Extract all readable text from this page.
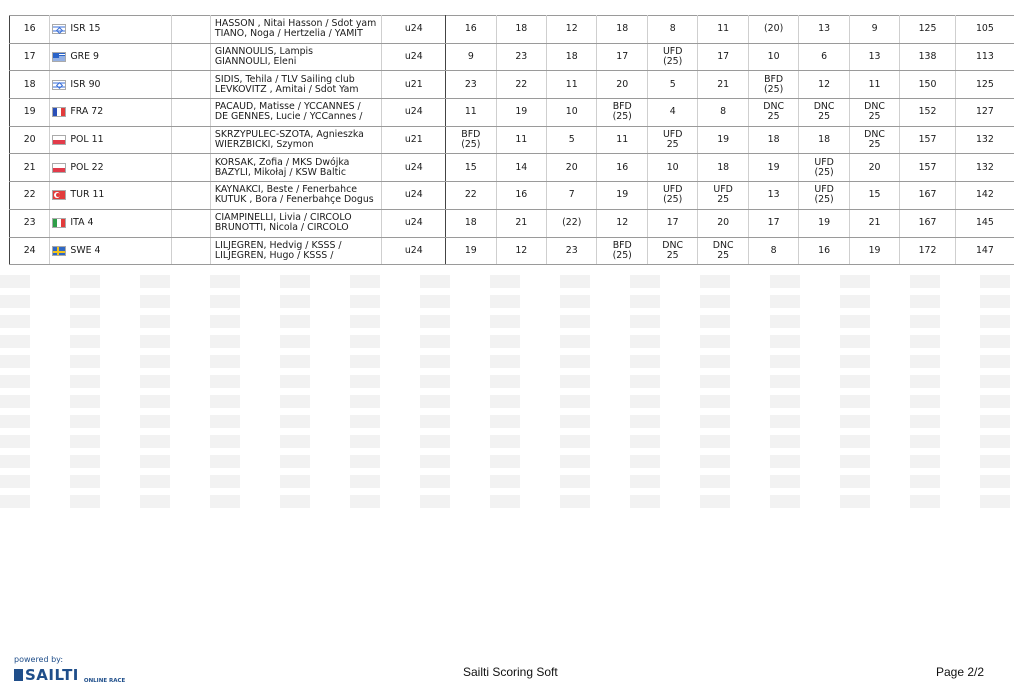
16	ISR 15		HASSON , Nitai Hasson / Sdot yam
TIANO, Noga / Hertzelia / YAMIT	u24	16	18	12	18	8	11	(20)	13	9	125	105
17	GRE 9		GIANNOULIS, Lampis
GIANNOULI, Eleni	u24	9	23	18	17	UFD
(25)	17	10	6	13	138	113
18	ISR 90		SIDIS, Tehila / TLV Sailing club
LEVKOVITZ , Amitai / Sdot Yam	u21	23	22	11	20	5	21	BFD
(25)	12	11	150	125
19	FRA 72		PACAUD, Matisse / YCCANNES /
DE GENNES, Lucie / YCCannes /	u24	11	19	10	BFD
(25)	4	8	DNC
25	DNC
25	DNC
25	152	127
20	POL 11		SKRZYPULEC-SZOTA, Agnieszka
WIERZBICKI, Szymon	u21	BFD
(25)	11	5	11	UFD
25	19	18	18	DNC
25	157	132
21	POL 22		KORSAK, Zofia / MKS Dwójka
BAZYLI, Mikołaj / KSW Baltic	u24	15	14	20	16	10	18	19	UFD
(25)	20	157	132
22	TUR 11		KAYNAKCI, Beste / Fenerbahce
KUTUK , Bora / Fenerbahçe Dogus	u24	22	16	7	19	UFD
(25)	UFD
25	13	UFD
(25)	15	167	142
23	ITA 4		CIAMPINELLI, Livia / CIRCOLO
BRUNOTTI, Nicola / CIRCOLO	u24	18	21	(22)	12	17	20	17	19	21	167	145
24	SWE 4		LILJEGREN, Hedvig / KSSS /
LILJEGREN, Hugo / KSSS /	u24	19	12	23	BFD
(25)	DNC
25	DNC
25	8	16	19	172	147
powered by:
SAILTI ONLINE RACE
Sailti Scoring Soft	Page 2/2
